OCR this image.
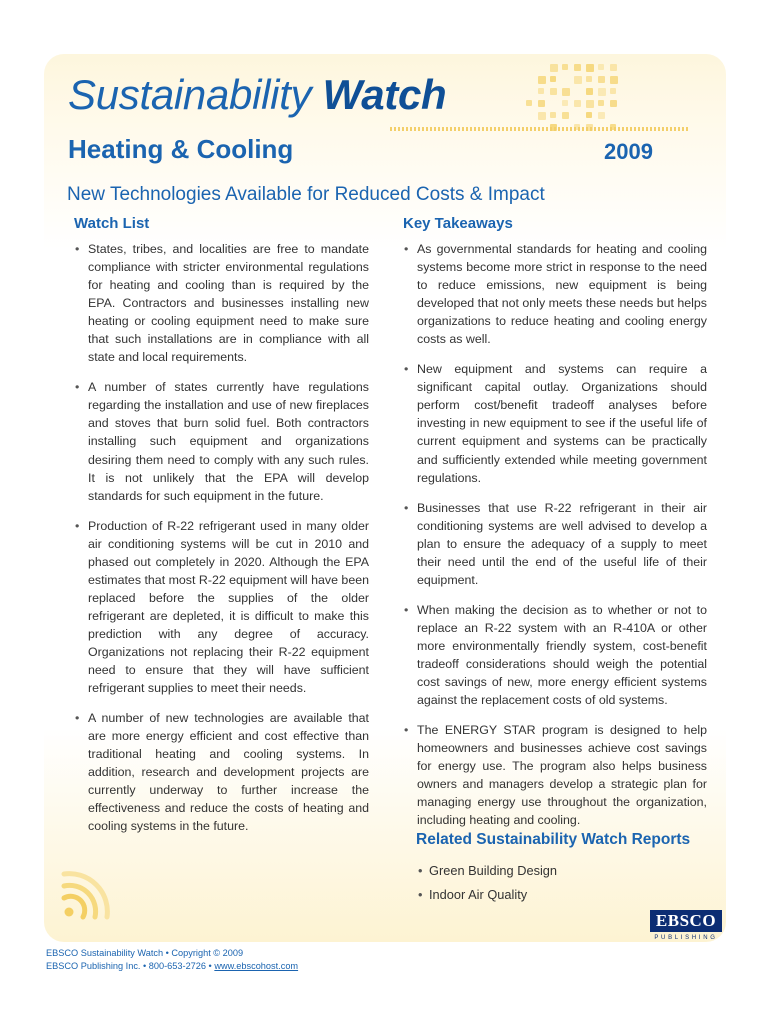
Sustainability Watch
Heating & Cooling	2009
New Technologies Available for Reduced Costs & Impact
Watch List	Key Takeaways
• States, tribes, and localities are free to mandate compliance with stricter environmental regulations for heating and cooling than is required by the EPA. Contractors and businesses installing new heating or cooling equipment need to make sure that such installations are in compliance with all state and local requirements.
• A number of states currently have regulations regarding the installation and use of new fireplaces and stoves that burn solid fuel. Both contractors installing such equipment and organizations desiring them need to comply with any such rules. It is not unlikely that the EPA will develop standards for such equipment in the future.
• Production of R-22 refrigerant used in many older air conditioning systems will be cut in 2010 and phased out completely in 2020. Although the EPA estimates that most R-22 equipment will have been replaced before the supplies of the older refrigerant are depleted, it is difficult to make this prediction with any degree of accuracy. Organizations not replacing their R-22 equipment need to ensure that they will have sufficient refrigerant supplies to meet their needs.
• A number of new technologies are available that are more energy efficient and cost effective than traditional heating and cooling systems. In addition, research and development projects are currently underway to further increase the effectiveness and reduce the costs of heating and cooling systems in the future.
• As governmental standards for heating and cooling systems become more strict in response to the need to reduce emissions, new equipment is being developed that not only meets these needs but helps organizations to reduce heating and cooling energy costs as well.
• New equipment and systems can require a significant capital outlay. Organizations should perform cost/benefit tradeoff analyses before investing in new equipment to see if the useful life of current equipment and systems can be practically and sufficiently extended while meeting government regulations.
• Businesses that use R-22 refrigerant in their air conditioning systems are well advised to develop a plan to ensure the adequacy of a supply to meet their need until the end of the useful life of their equipment.
• When making the decision as to whether or not to replace an R-22 system with an R-410A or other more environmentally friendly system, cost-benefit tradeoff considerations should weigh the potential cost savings of new, more energy efficient systems against the replacement costs of old systems.
• The ENERGY STAR program is designed to help homeowners and businesses achieve cost savings for energy use. The program also helps business owners and managers develop a strategic plan for managing energy use throughout the organization, including heating and cooling.
Related Sustainability Watch Reports
• Green Building Design
• Indoor Air Quality
EBSCO
PUBLISHING
EBSCO Sustainability Watch • Copyright © 2009
EBSCO Publishing Inc. • 800-653-2726 • www.ebscohost.com
